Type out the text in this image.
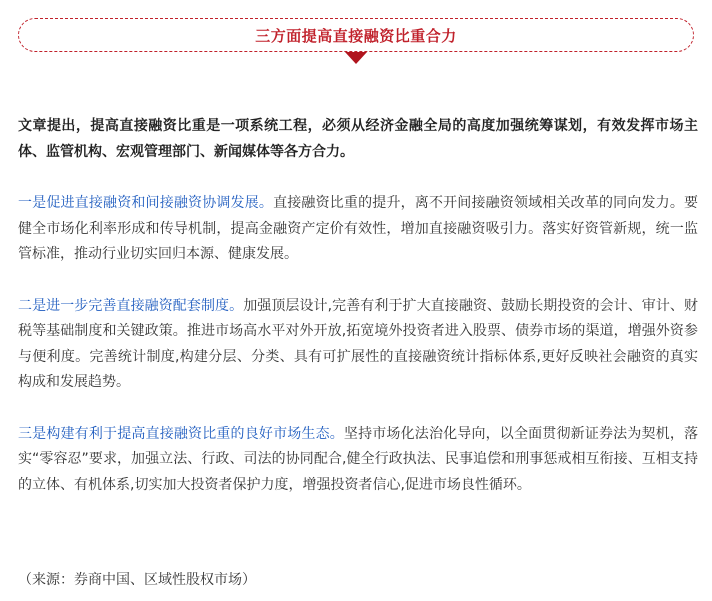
三方面提高直接融资比重合力

文章提出，提高直接融资比重是一项系统工程，必须从经济金融全局的高度加强统筹谋划，有效发挥市场主体、监管机构、宏观管理部门、新闻媒体等各方合力。

一是促进直接融资和间接融资协调发展。直接融资比重的提升，离不开间接融资领域相关改革的同向发力。要健全市场化利率形成和传导机制，提高金融资产定价有效性，增加直接融资吸引力。落实好资管新规，统一监管标准，推动行业切实回归本源、健康发展。

二是进一步完善直接融资配套制度。加强顶层设计,完善有利于扩大直接融资、鼓励长期投资的会计、审计、财税等基础制度和关键政策。推进市场高水平对外开放,拓宽境外投资者进入股票、债券市场的渠道，增强外资参与便利度。完善统计制度,构建分层、分类、具有可扩展性的直接融资统计指标体系,更好反映社会融资的真实构成和发展趋势。

三是构建有利于提高直接融资比重的良好市场生态。坚持市场化法治化导向，以全面贯彻新证券法为契机，落实“零容忍”要求，加强立法、行政、司法的协同配合,健全行政执法、民事追偿和刑事惩戒相互衔接、互相支持的立体、有机体系,切实加大投资者保护力度，增强投资者信心,促进市场良性循环。

（来源：券商中国、区域性股权市场）
